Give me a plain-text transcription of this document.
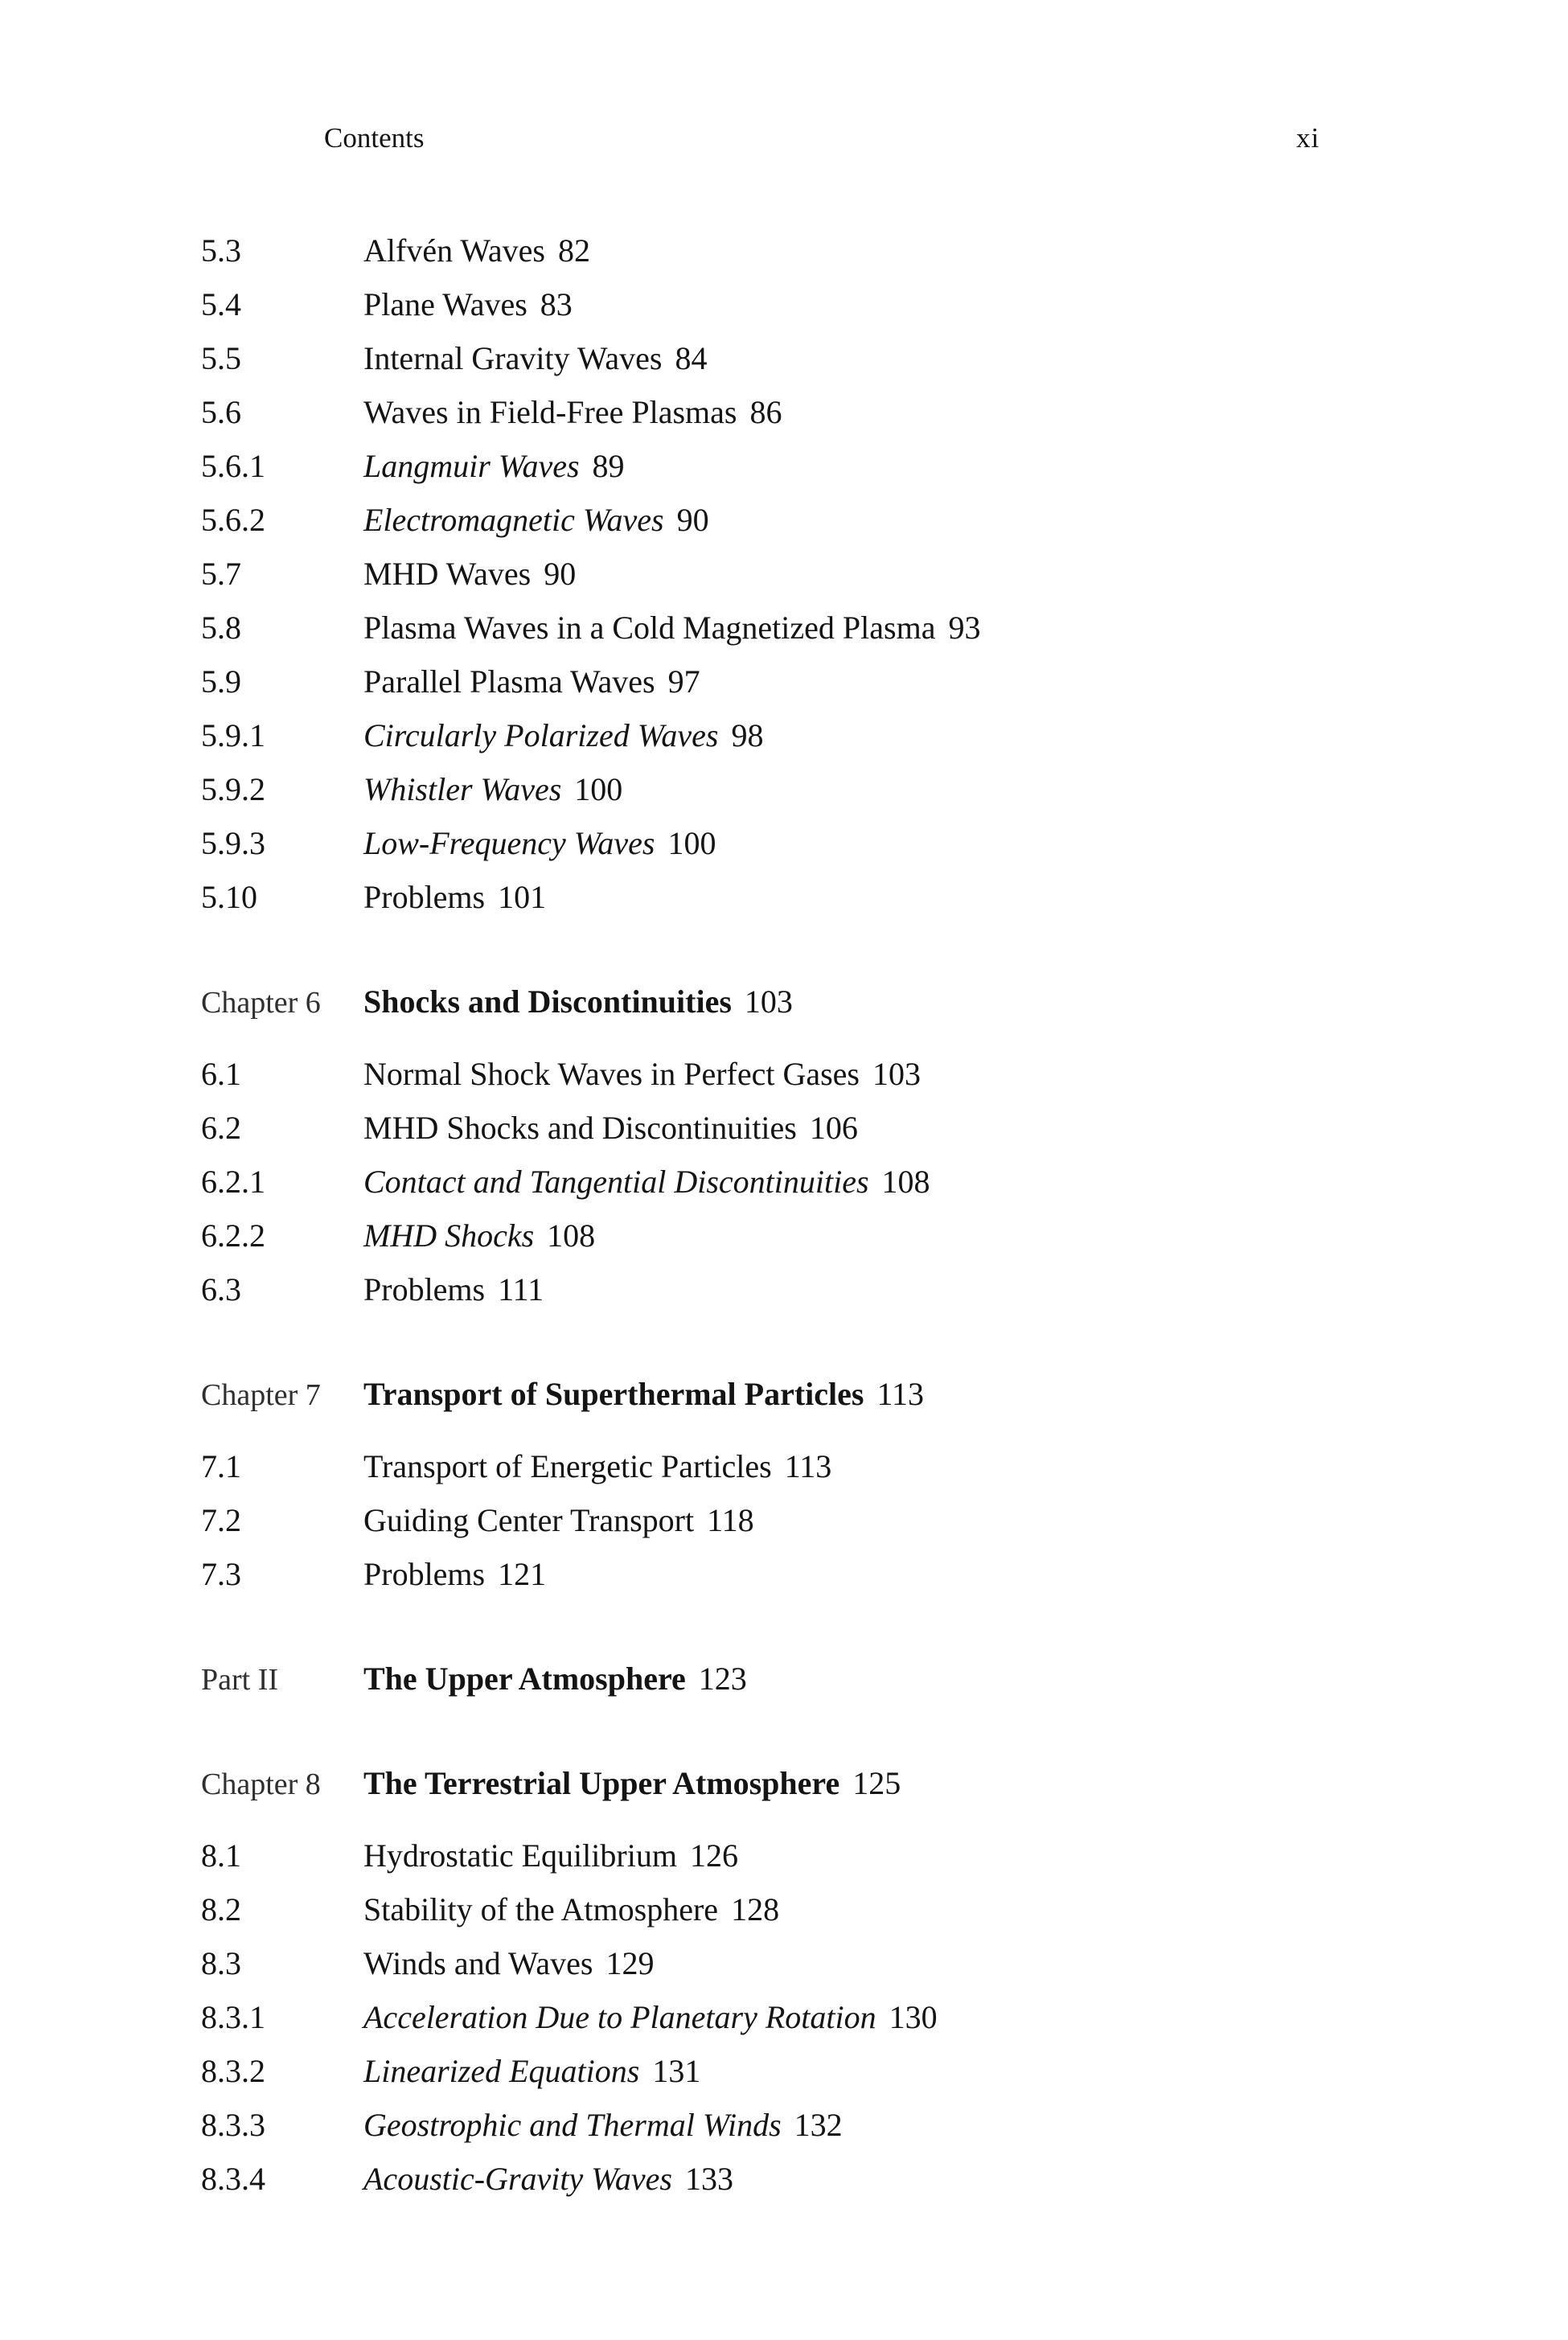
Contents	xi
5.3	Alfvén Waves 82
5.4	Plane Waves 83
5.5	Internal Gravity Waves 84
5.6	Waves in Field-Free Plasmas 86
5.6.1	Langmuir Waves 89
5.6.2	Electromagnetic Waves 90
5.7	MHD Waves 90
5.8	Plasma Waves in a Cold Magnetized Plasma 93
5.9	Parallel Plasma Waves 97
5.9.1	Circularly Polarized Waves 98
5.9.2	Whistler Waves 100
5.9.3	Low-Frequency Waves 100
5.10	Problems 101
Chapter 6	Shocks and Discontinuities 103
6.1	Normal Shock Waves in Perfect Gases 103
6.2	MHD Shocks and Discontinuities 106
6.2.1	Contact and Tangential Discontinuities 108
6.2.2	MHD Shocks 108
6.3	Problems 111
Chapter 7	Transport of Superthermal Particles 113
7.1	Transport of Energetic Particles 113
7.2	Guiding Center Transport 118
7.3	Problems 121
Part II	The Upper Atmosphere 123
Chapter 8	The Terrestrial Upper Atmosphere 125
8.1	Hydrostatic Equilibrium 126
8.2	Stability of the Atmosphere 128
8.3	Winds and Waves 129
8.3.1	Acceleration Due to Planetary Rotation 130
8.3.2	Linearized Equations 131
8.3.3	Geostrophic and Thermal Winds 132
8.3.4	Acoustic-Gravity Waves 133
